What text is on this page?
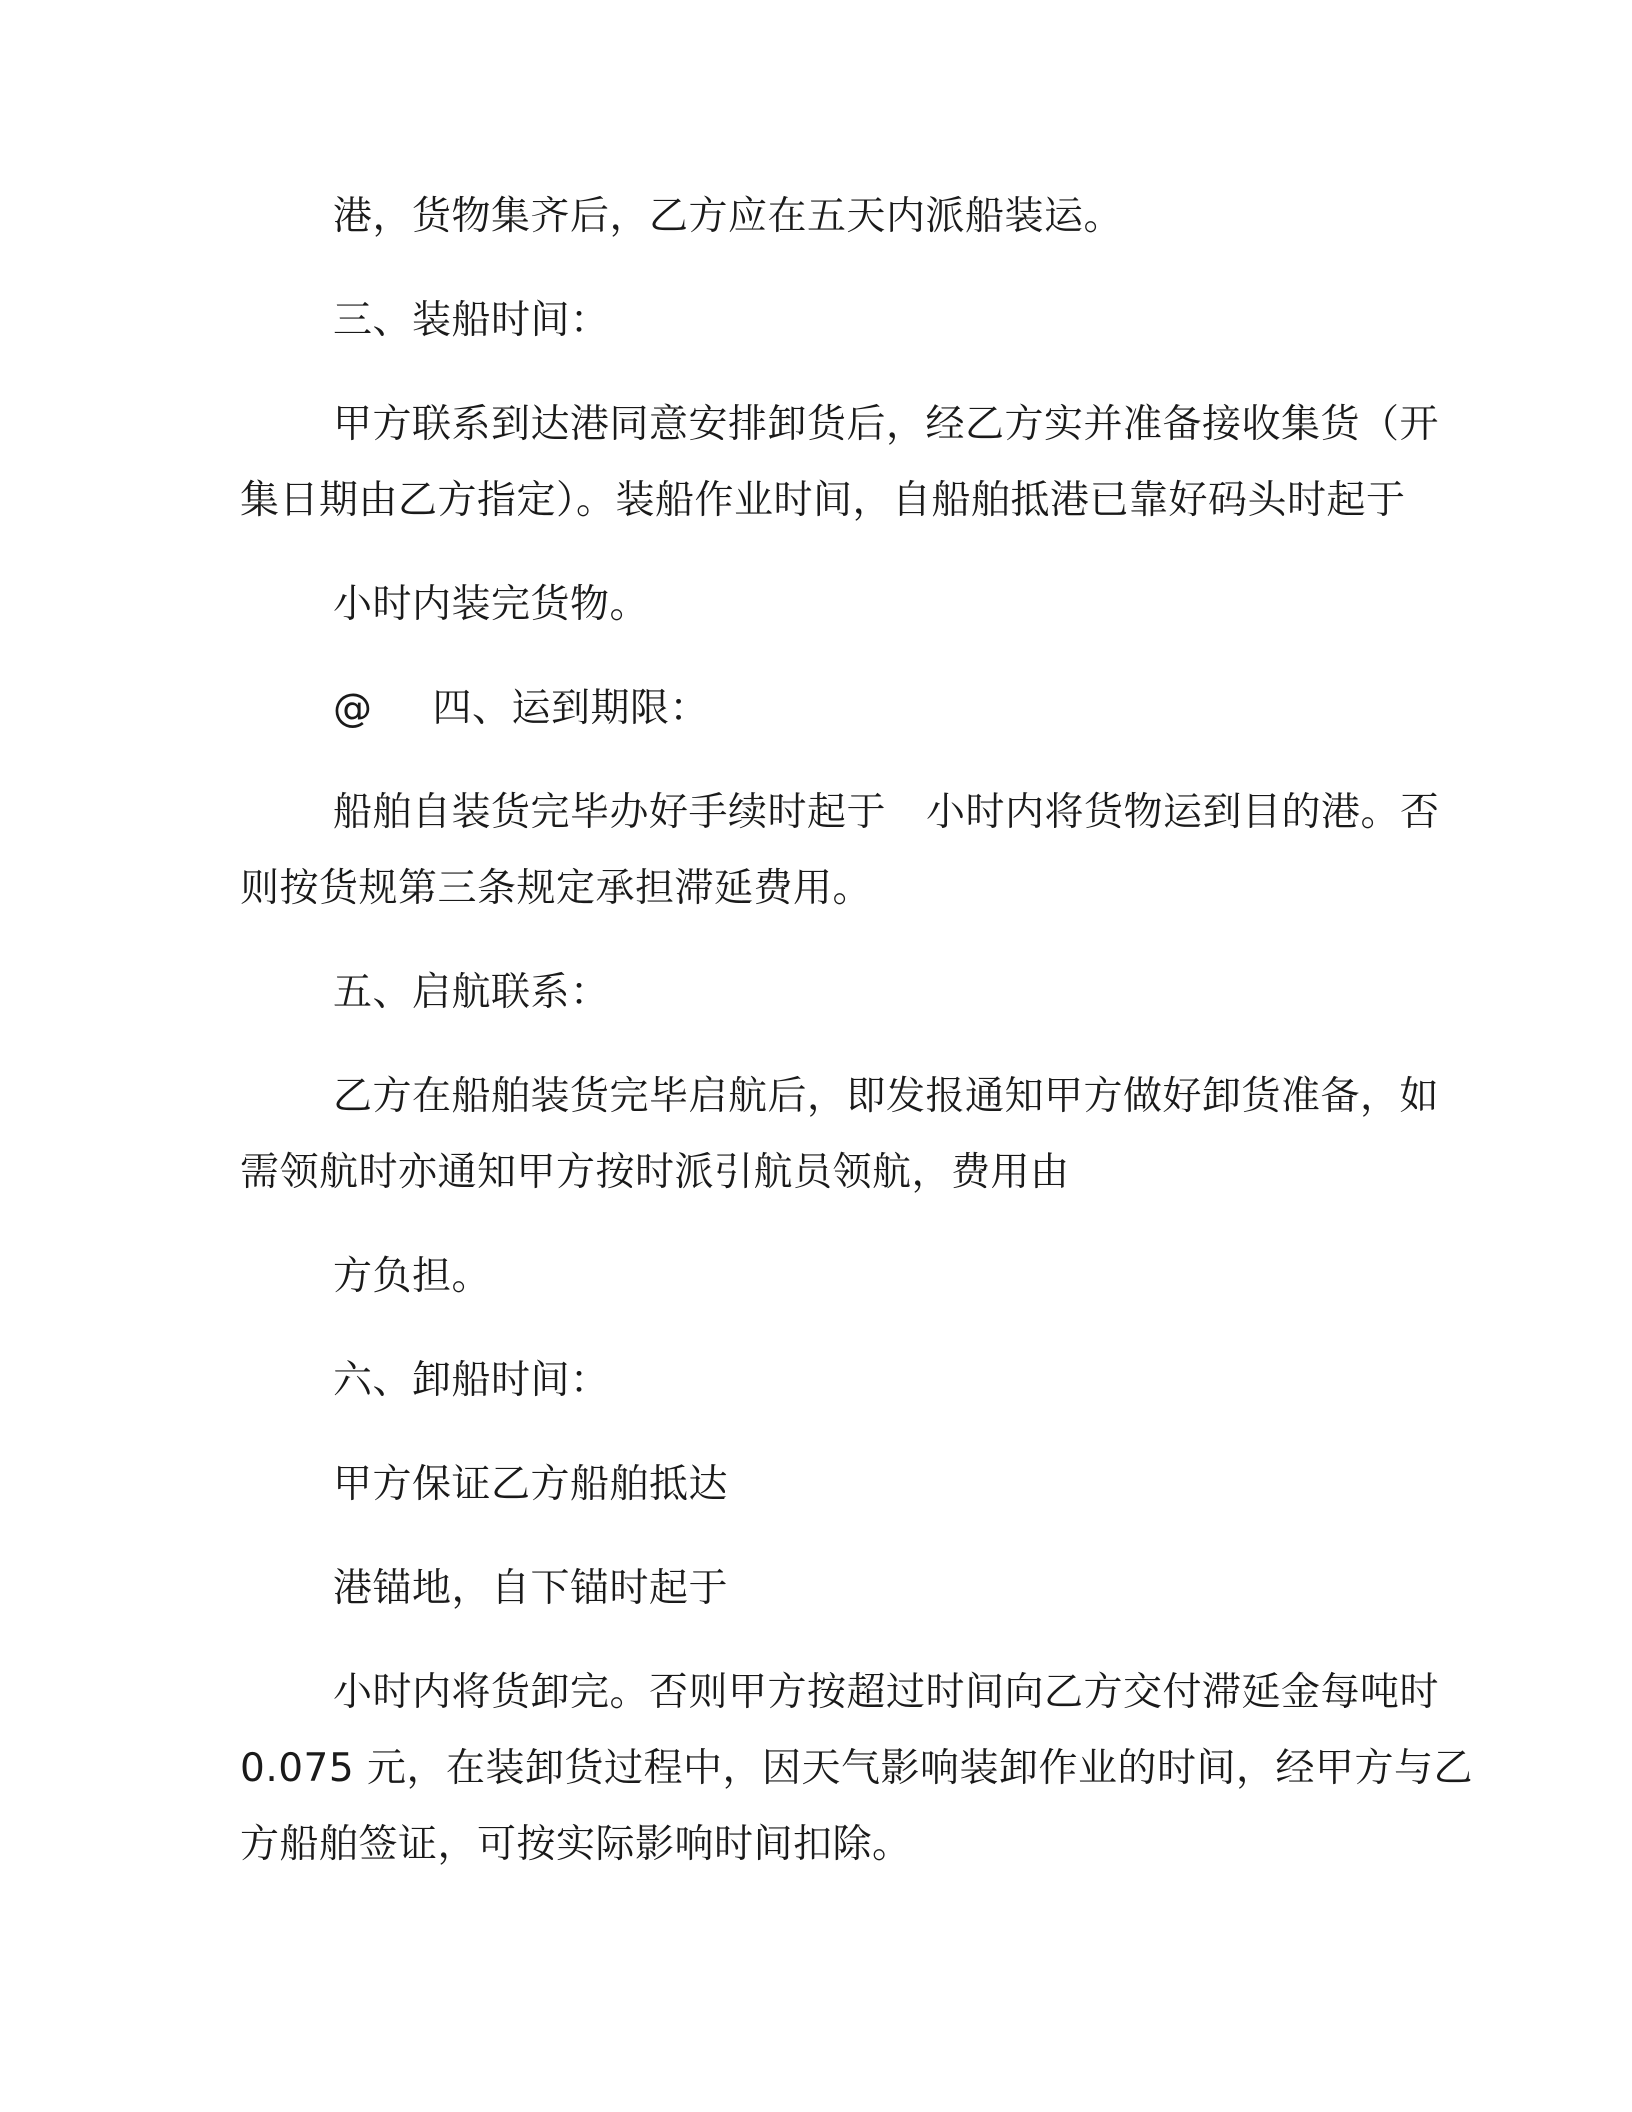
港，货物集齐后，乙方应在五天内派船装运。
三、装船时间：
甲方联系到达港同意安排卸货后，经乙方实并准备接收集货（开
集日期由乙方指定）。装船作业时间，自船舶抵港已靠好码头时起于
小时内装完货物。
@ 四、运到期限：
船舶自装货完毕办好手续时起于 小时内将货物运到目的港。否
则按货规第三条规定承担滞延费用。
五、启航联系：
乙方在船舶装货完毕启航后，即发报通知甲方做好卸货准备，如
需领航时亦通知甲方按时派引航员领航，费用由
方负担。
六、卸船时间：
甲方保证乙方船舶抵达
港锚地，自下锚时起于
小时内将货卸完。否则甲方按超过时间向乙方交付滞延金每吨时
0.075 元，在装卸货过程中，因天气影响装卸作业的时间，经甲方与乙
方船舶签证，可按实际影响时间扣除。
